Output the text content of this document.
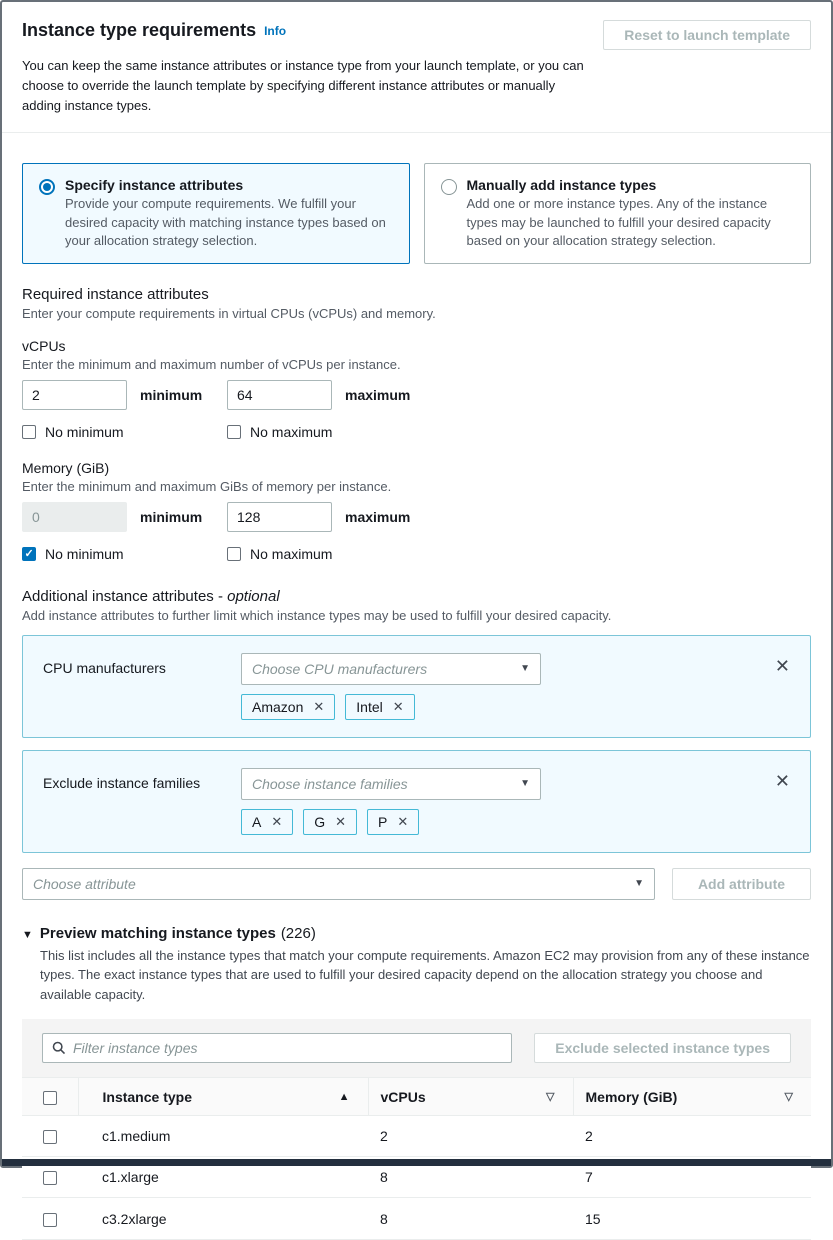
Instance type requirements Info	Reset to launch template
You can keep the same instance attributes or instance type from your launch template, or you can choose to override the launch template by specifying different instance attributes or manually adding instance types.
Specify instance attributes
Provide your compute requirements. We fulfill your desired capacity with matching instance types based on your allocation strategy selection.
Manually add instance types
Add one or more instance types. Any of the instance types may be launched to fulfill your desired capacity based on your allocation strategy selection.
Required instance attributes
Enter your compute requirements in virtual CPUs (vCPUs) and memory.
vCPUs
Enter the minimum and maximum number of vCPUs per instance.
2
minimum
64	maximum
No minimum	No maximum
Memory (GiB)
Enter the minimum and maximum GiBs of memory per instance.
0
minimum
128	maximum
✓
No minimum	No maximum
Additional instance attributes - optional
Add instance attributes to further limit which instance types may be used to fulfill your desired capacity.
CPU manufacturers	Choose CPU manufacturers	▼
Amazon ✕ Intel ✕
✕
Exclude instance families	Choose instance families	▼
A ✕ G ✕ P ✕
✕
Choose attribute	▼	Add attribute
▼ Preview matching instance types (226)
This list includes all the instance types that match your compute requirements. Amazon EC2 may provision from any of these instance types. The exact instance types that are used to fulfill your desired capacity depend on the allocation strategy you choose and available capacity.
Filter instance types	Exclude selected instance types

	Instance type ▲	vCPUs ▽	Memory (GiB) ▽

	c1.medium	2	2
	c1.xlarge	8	7
	c3.2xlarge	8	15
